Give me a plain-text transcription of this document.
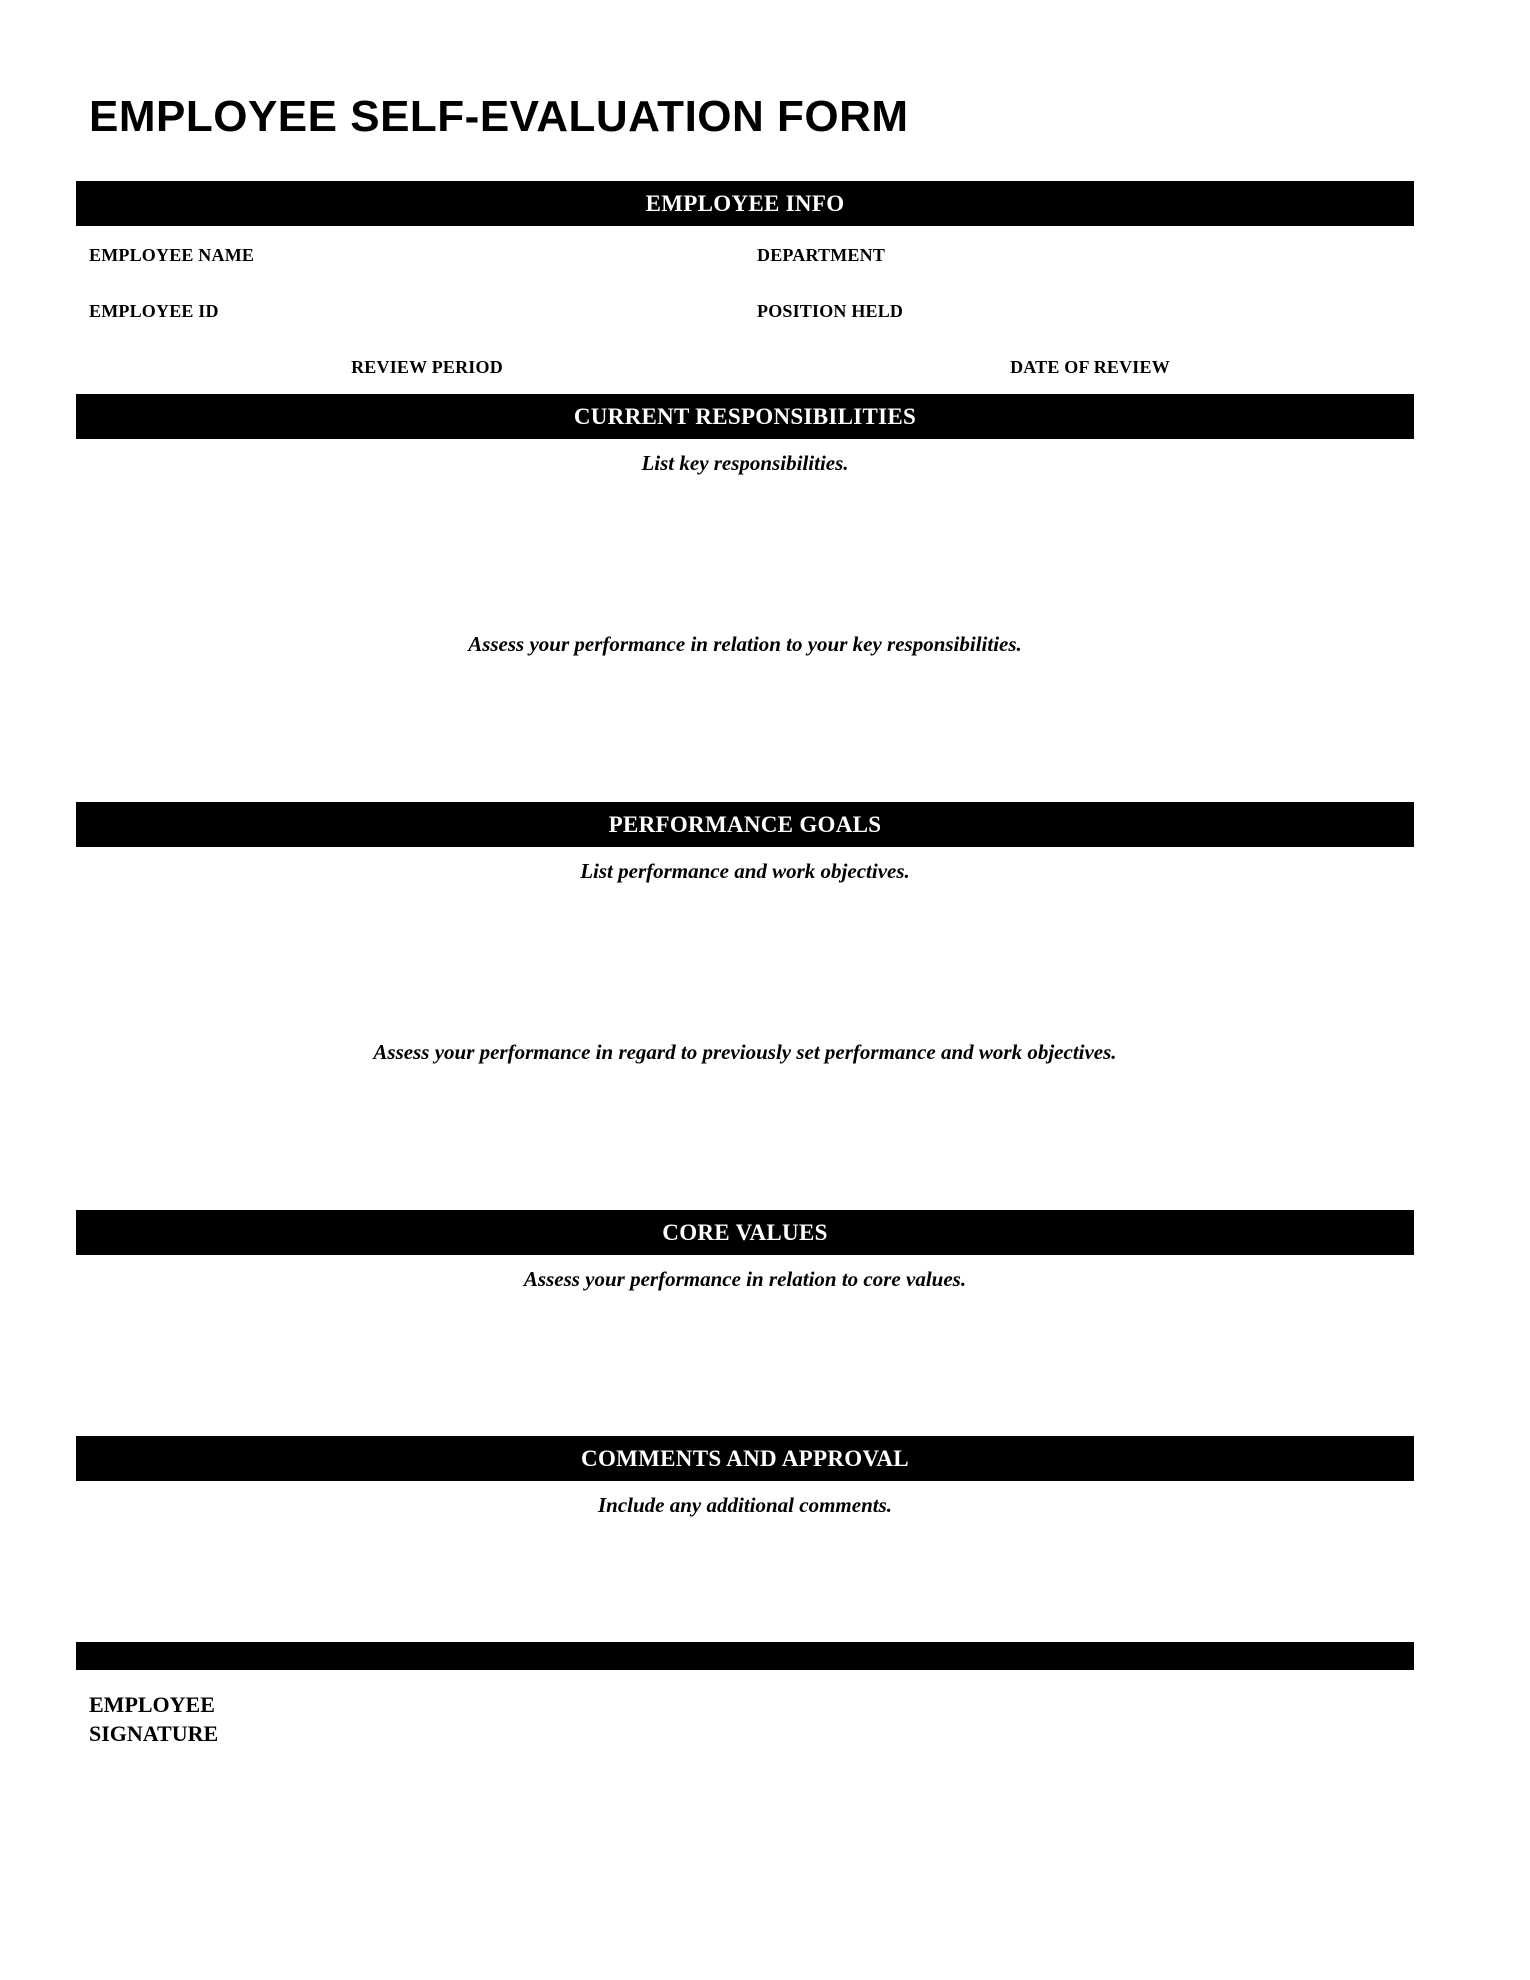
EMPLOYEE SELF-EVALUATION FORM
EMPLOYEE INFO
EMPLOYEE NAME	DEPARTMENT
EMPLOYEE ID	POSITION HELD
REVIEW PERIOD	DATE OF REVIEW
CURRENT RESPONSIBILITIES
List key responsibilities.
Assess your performance in relation to your key responsibilities.
PERFORMANCE GOALS
List performance and work objectives.
Assess your performance in regard to previously set performance and work objectives.
CORE VALUES
Assess your performance in relation to core values.
COMMENTS AND APPROVAL
Include any additional comments.
EMPLOYEE SIGNATURE
